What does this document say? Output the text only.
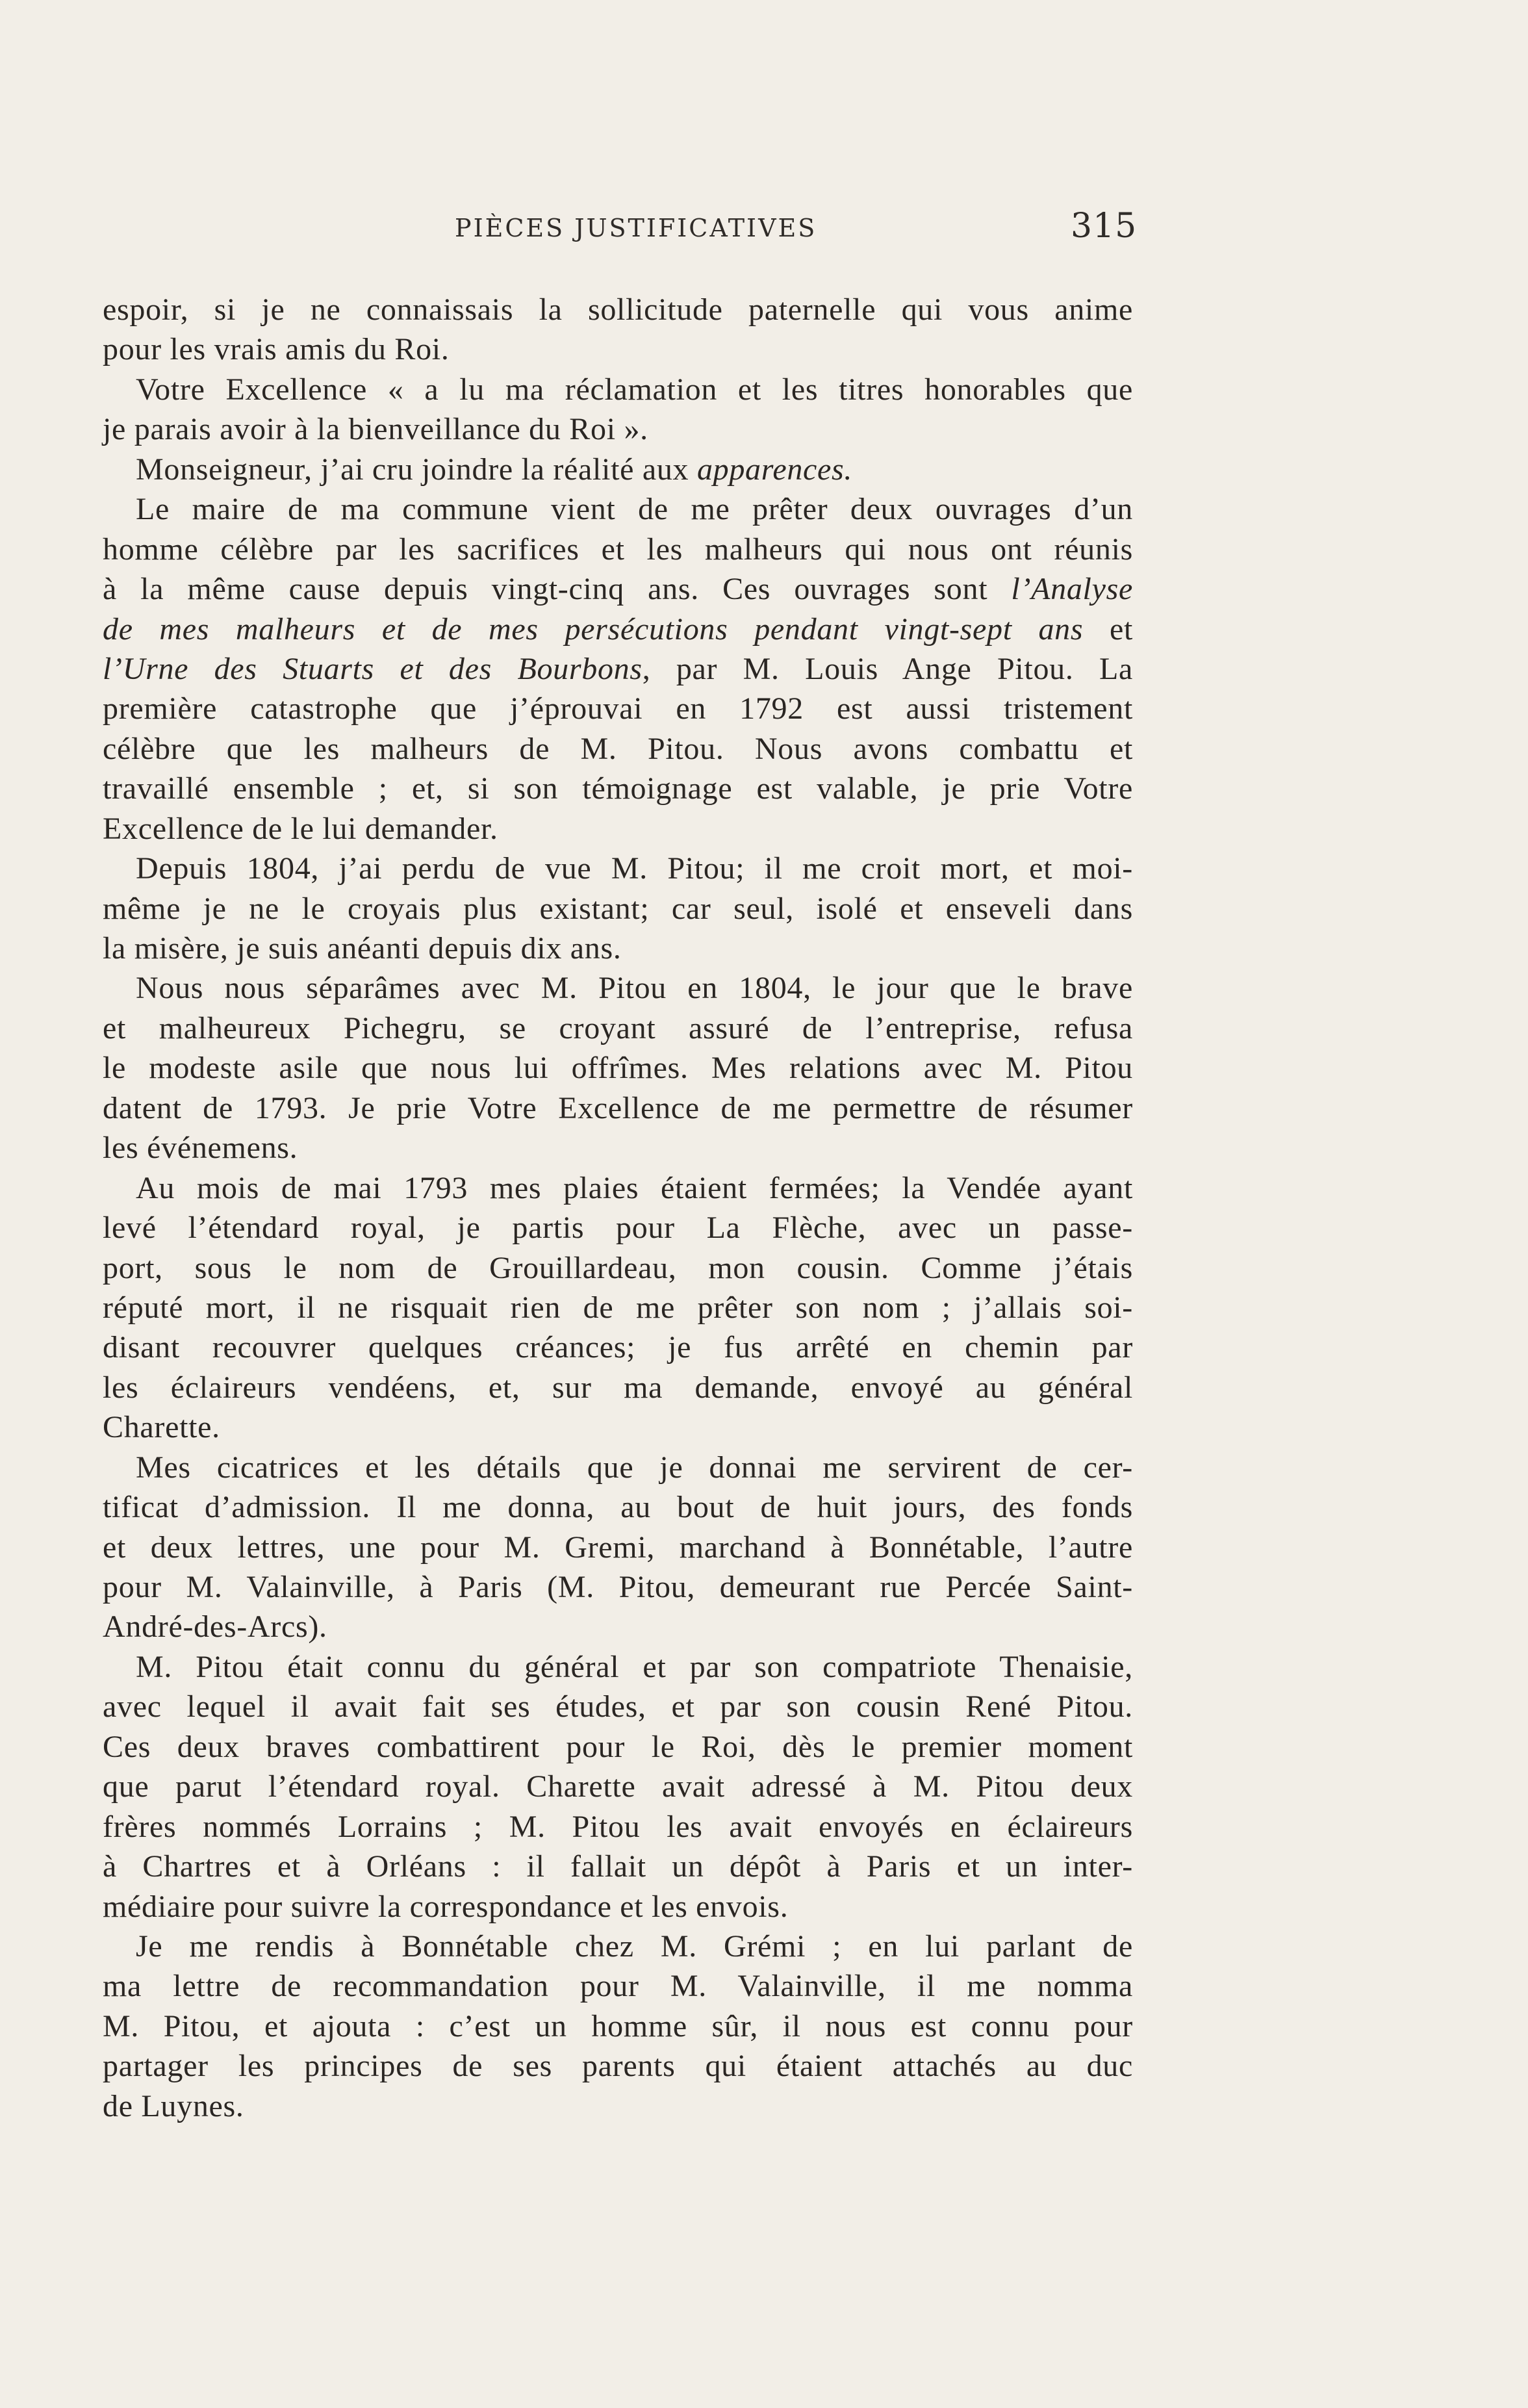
PIÈCES JUSTIFICATIVES	315
espoir, si je ne connaissais la sollicitude paternelle qui vous anime
pour les vrais amis du Roi.
Votre Excellence « a lu ma réclamation et les titres honorables que
je parais avoir à la bienveillance du Roi ».
Monseigneur, j’ai cru joindre la réalité aux apparences.
Le maire de ma commune vient de me prêter deux ouvrages d’un
homme célèbre par les sacrifices et les malheurs qui nous ont réunis
à la même cause depuis vingt-cinq ans. Ces ouvrages sont l’Analyse
de mes malheurs et de mes persécutions pendant vingt-sept ans et
l’Urne des Stuarts et des Bourbons, par M. Louis Ange Pitou. La
première catastrophe que j’éprouvai en 1792 est aussi tristement
célèbre que les malheurs de M. Pitou. Nous avons combattu et
travaillé ensemble ; et, si son témoignage est valable, je prie Votre
Excellence de le lui demander.
Depuis 1804, j’ai perdu de vue M. Pitou; il me croit mort, et moi-
même je ne le croyais plus existant; car seul, isolé et enseveli dans
la misère, je suis anéanti depuis dix ans.
Nous nous séparâmes avec M. Pitou en 1804, le jour que le brave
et malheureux Pichegru, se croyant assuré de l’entreprise, refusa
le modeste asile que nous lui offrîmes. Mes relations avec M. Pitou
datent de 1793. Je prie Votre Excellence de me permettre de résumer
les événemens.
Au mois de mai 1793 mes plaies étaient fermées; la Vendée ayant
levé l’étendard royal, je partis pour La Flèche, avec un passe-
port, sous le nom de Grouillardeau, mon cousin. Comme j’étais
réputé mort, il ne risquait rien de me prêter son nom ; j’allais soi-
disant recouvrer quelques créances; je fus arrêté en chemin par
les éclaireurs vendéens, et, sur ma demande, envoyé au général
Charette.
Mes cicatrices et les détails que je donnai me servirent de cer-
tificat d’admission. Il me donna, au bout de huit jours, des fonds
et deux lettres, une pour M. Gremi, marchand à Bonnétable, l’autre
pour M. Valainville, à Paris (M. Pitou, demeurant rue Percée Saint-
André-des-Arcs).
M. Pitou était connu du général et par son compatriote Thenaisie,
avec lequel il avait fait ses études, et par son cousin René Pitou.
Ces deux braves combattirent pour le Roi, dès le premier moment
que parut l’étendard royal. Charette avait adressé à M. Pitou deux
frères nommés Lorrains ; M. Pitou les avait envoyés en éclaireurs
à Chartres et à Orléans : il fallait un dépôt à Paris et un inter-
médiaire pour suivre la correspondance et les envois.
Je me rendis à Bonnétable chez M. Grémi ; en lui parlant de
ma lettre de recommandation pour M. Valainville, il me nomma
M. Pitou, et ajouta : c’est un homme sûr, il nous est connu pour
partager les principes de ses parents qui étaient attachés au duc
de Luynes.
